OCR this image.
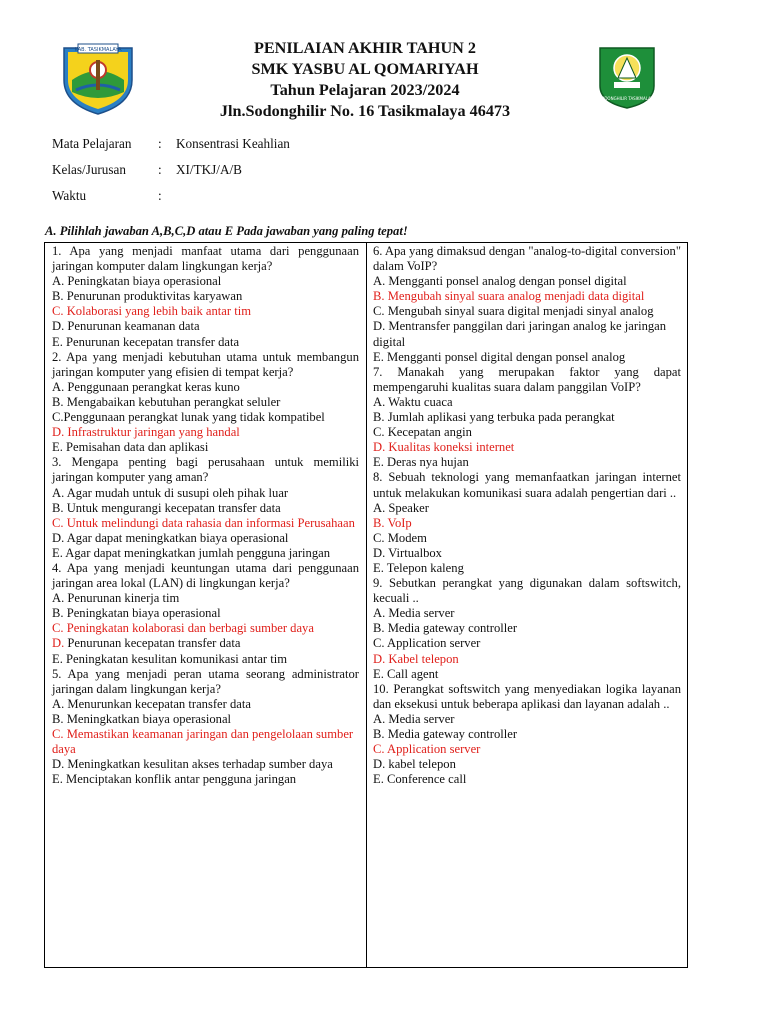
KAB. TASIKMALAYA	PENILAIAN AKHIR TAHUN 2
SMK YASBU AL QOMARIYAH
Tahun Pelajaran 2023/2024
Jln.Sodonghilir No. 16 Tasikmalaya 46473
SODONGHILIR TASIKMALAYA
Mata Pelajaran	: Konsentrasi Keahlian
Kelas/Jurusan	: XI/TKJ/A/B
Waktu	:
A. Pilihlah jawaban A,B,C,D atau E Pada jawaban yang paling tepat!
1. Apa yang menjadi manfaat utama dari penggunaan jaringan komputer dalam lingkungan kerja?
A. Peningkatan biaya operasional
B. Penurunan produktivitas karyawan
C. Kolaborasi yang lebih baik antar tim
D. Penurunan keamanan data
E. Penurunan kecepatan transfer data
2. Apa yang menjadi kebutuhan utama untuk membangun jaringan komputer yang efisien di tempat kerja?
A. Penggunaan perangkat keras kuno
B. Mengabaikan kebutuhan perangkat seluler
C.Penggunaan perangkat lunak yang tidak kompatibel
D. Infrastruktur jaringan yang handal
E. Pemisahan data dan aplikasi
3. Mengapa penting bagi perusahaan untuk memiliki jaringan komputer yang aman?
A. Agar mudah untuk di susupi oleh pihak luar
B. Untuk mengurangi kecepatan transfer data
C. Untuk melindungi data rahasia dan informasi Perusahaan
D. Agar dapat meningkatkan biaya operasional
E. Agar dapat meningkatkan jumlah pengguna jaringan
4. Apa yang menjadi keuntungan utama dari penggunaan jaringan area lokal (LAN) di lingkungan kerja?
A. Penurunan kinerja tim
B. Peningkatan biaya operasional
C. Peningkatan kolaborasi dan berbagi sumber daya
D. Penurunan kecepatan transfer data
E. Peningkatan kesulitan komunikasi antar tim
5. Apa yang menjadi peran utama seorang administrator jaringan dalam lingkungan kerja?
A. Menurunkan kecepatan transfer data
B. Meningkatkan biaya operasional
C. Memastikan keamanan jaringan dan pengelolaan sumber daya
D. Meningkatkan kesulitan akses terhadap sumber daya
E. Menciptakan konflik antar pengguna jaringan
6. Apa yang dimaksud dengan "analog-to-digital conversion" dalam VoIP?
A. Mengganti ponsel analog dengan ponsel digital
B. Mengubah sinyal suara analog menjadi data digital
C. Mengubah sinyal suara digital menjadi sinyal analog
D. Mentransfer panggilan dari jaringan analog ke jaringan digital
E. Mengganti ponsel digital dengan ponsel analog
7. Manakah yang merupakan faktor yang dapat mempengaruhi kualitas suara dalam panggilan VoIP?
A. Waktu cuaca
B. Jumlah aplikasi yang terbuka pada perangkat
C. Kecepatan angin
D. Kualitas koneksi internet
E. Deras nya hujan
8. Sebuah teknologi yang memanfaatkan jaringan internet untuk melakukan komunikasi suara adalah pengertian dari ..
A. Speaker
B. VoIp
C. Modem
D. Virtualbox
E. Telepon kaleng
9. Sebutkan perangkat yang digunakan dalam softswitch, kecuali ..
A. Media server
B. Media gateway controller
C. Application server
D. Kabel telepon
E. Call agent
10. Perangkat softswitch yang menyediakan logika layanan dan eksekusi untuk beberapa aplikasi dan layanan adalah ..
A. Media server
B. Media gateway controller
C. Application server
D. kabel telepon
E. Conference call
